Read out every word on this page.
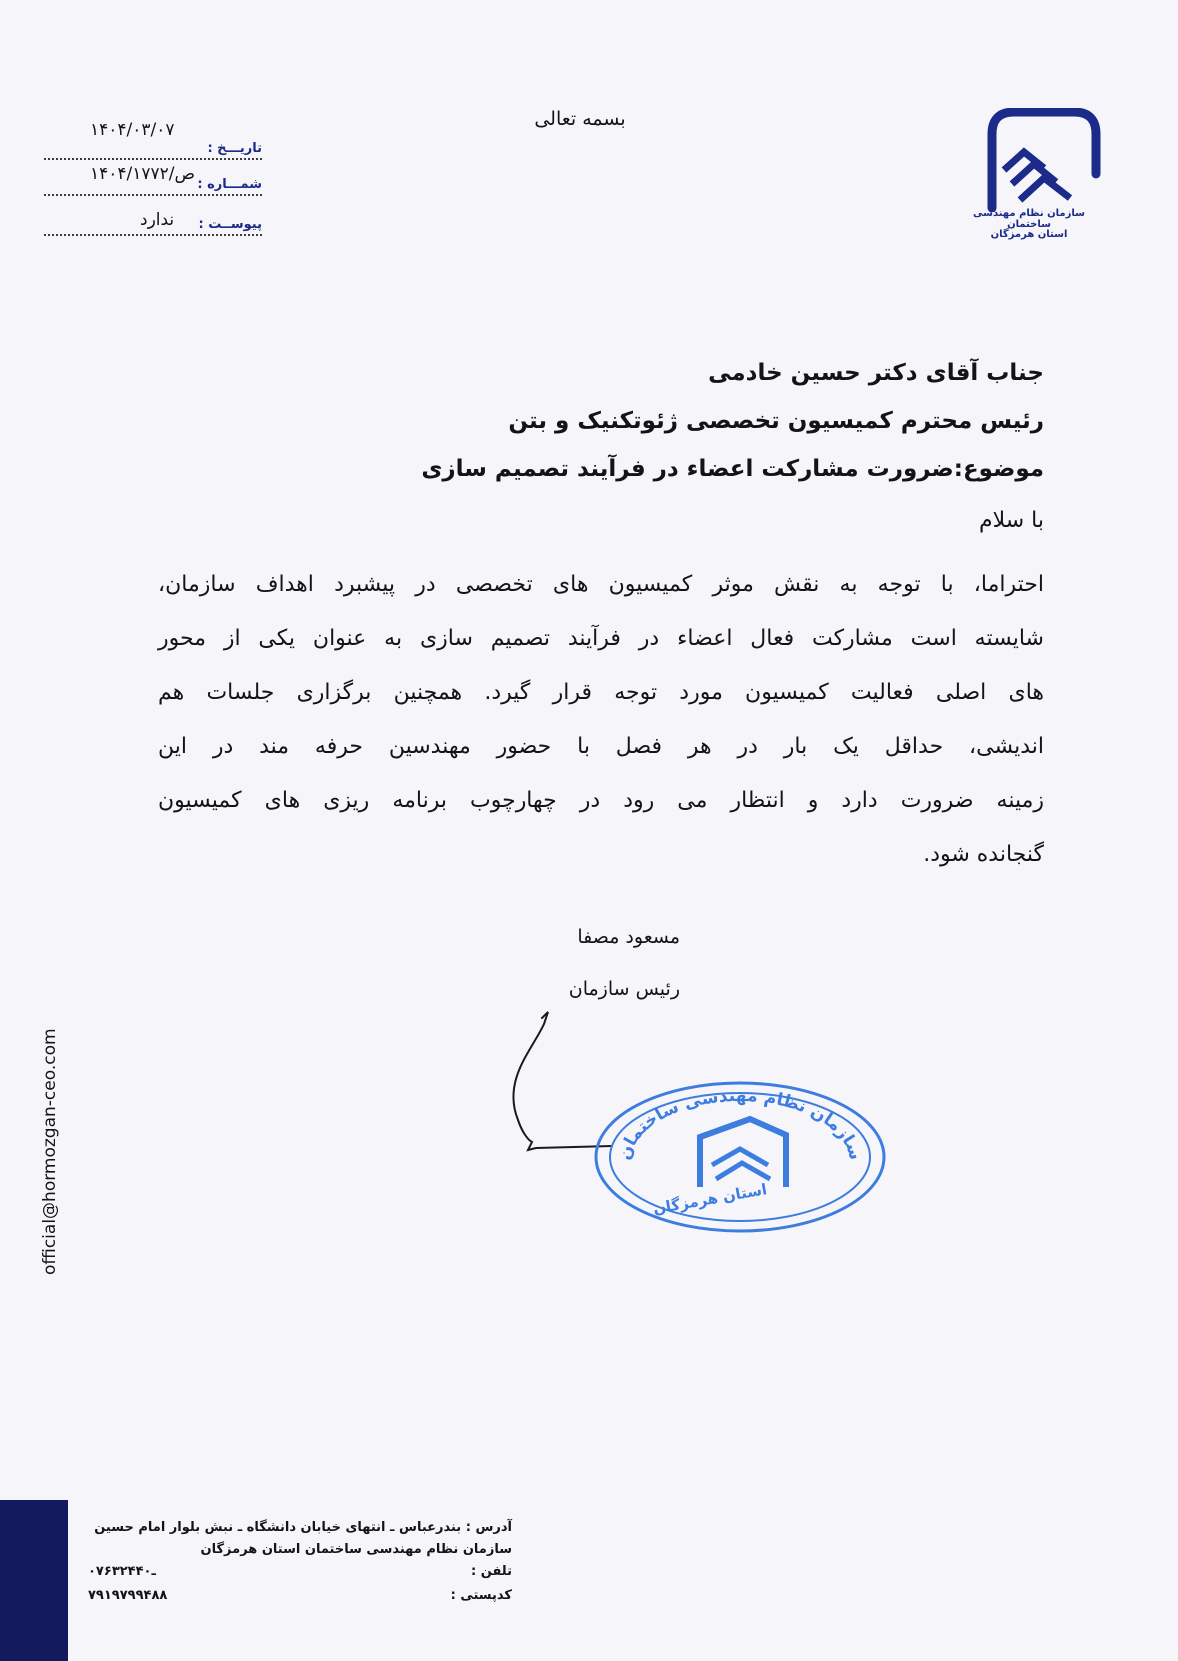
سازمان نظام مهندسی ساختمان
استان هرمزگان
بسمه تعالی
تاریـــخ :
۱۴۰۴/۰۳/۰۷
شمـــاره :
ص/۱۴۰۴/۱۷۷۲
پیوســت :
ندارد
جناب آقای دکتر حسین خادمی
رئیس محترم کمیسیون تخصصی ژئوتکنیک و بتن
موضوع:ضرورت مشارکت اعضاء در فرآیند تصمیم سازی
با سلام
احتراما، با توجه به نقش موثر کمیسیون های تخصصی در پیشبرد اهداف سازمان،
شایسته است مشارکت فعال اعضاء در فرآیند تصمیم سازی به عنوان یکی از محور
های اصلی فعالیت کمیسیون مورد توجه قرار گیرد. همچنین برگزاری جلسات هم
اندیشی، حداقل یک بار در هر فصل با حضور مهندسین حرفه مند در این
زمینه ضرورت دارد و انتظار می رود در چهارچوب برنامه ریزی های کمیسیون
گنجانده شود.
مسعود مصفا
رئیس سازمان
سازمان نظام مهندسی ساختمان
استان هرمزگان
official@hormozgan-ceo.com
آدرس : بندرعباس ـ انتهای خیابان دانشگاه ـ نبش بلوار امام حسین
سازمان نظام مهندسی ساختمان استان هرمزگان
تلفن :
۰۷۶ـ۳۲۴۴۰
کدپستی :
۷۹۱۹۷۹۹۴۸۸
